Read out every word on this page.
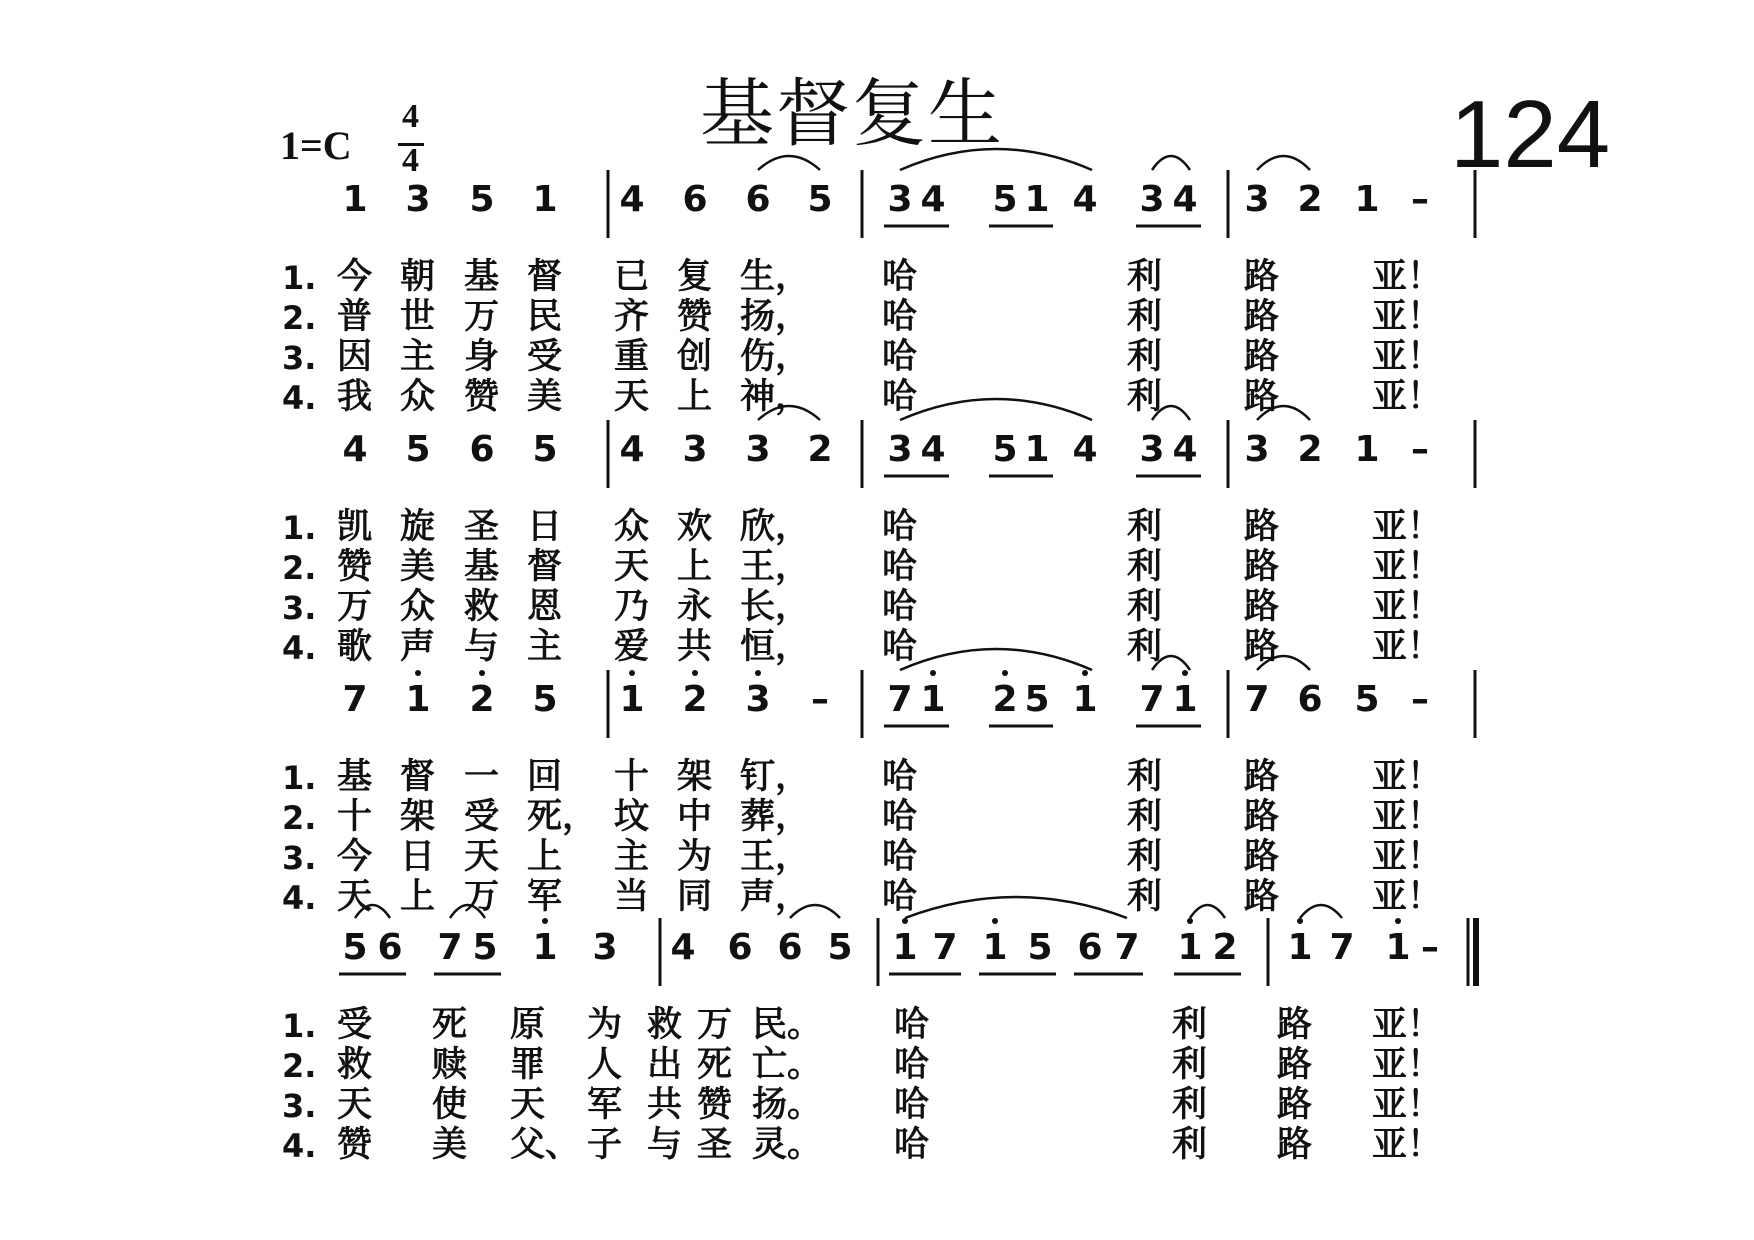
基督复生	124
1=C
4
4
1 3 5 1 4 6 6 5 3 4 5 1 4 3 4 3 2 1 –
1. 今 朝 基 督	已 复 生， 哈	利	路	亚！
2. 普 世 万 民	齐 赞 扬， 哈	利	路	亚！
3. 因 主 身 受	重 创 伤， 哈	利	路	亚！
4. 我 众 赞 美	天 上 神， 哈	利	路	亚！
4 5 6 5 4 3 3 2 3 4 5 1 4 3 4 3 2 1 –
1. 凯 旋 圣 日	众 欢 欣， 哈	利	路	亚！
2. 赞 美 基 督	天 上 王， 哈	利	路	亚！
3. 万 众 救 恩	乃 永 长， 哈	利	路	亚！
4. 歌 声 与 主	爱 共 恒， 哈	利	路	亚！
7 1 2 5 1 2 3	–	7 1 2 5 1 7 1 7 6 5 –
1. 基 督 一 回	十 架 钉， 哈	利	路	亚！
2. 十 架 受 死， 坟 中 葬， 哈	利	路	亚！
3. 今 日 天 上	主 为 王， 哈	利	路	亚！
4. 天 上 万 军	当 同 声， 哈	利	路	亚！
5 6 7 5 1 3 4 6 6 5 1 7 1 5 6 7 1 2 1 7 1 –
1. 受	死	原	为 救 万 民。 哈	利	路	亚！
2. 救	赎	罪	人 出 死 亡。 哈	利	路	亚！
3. 天	使	天	军 共 赞 扬。 哈	利	路	亚！
4. 赞	美	父、 子 与 圣 灵。 哈	利	路	亚！
